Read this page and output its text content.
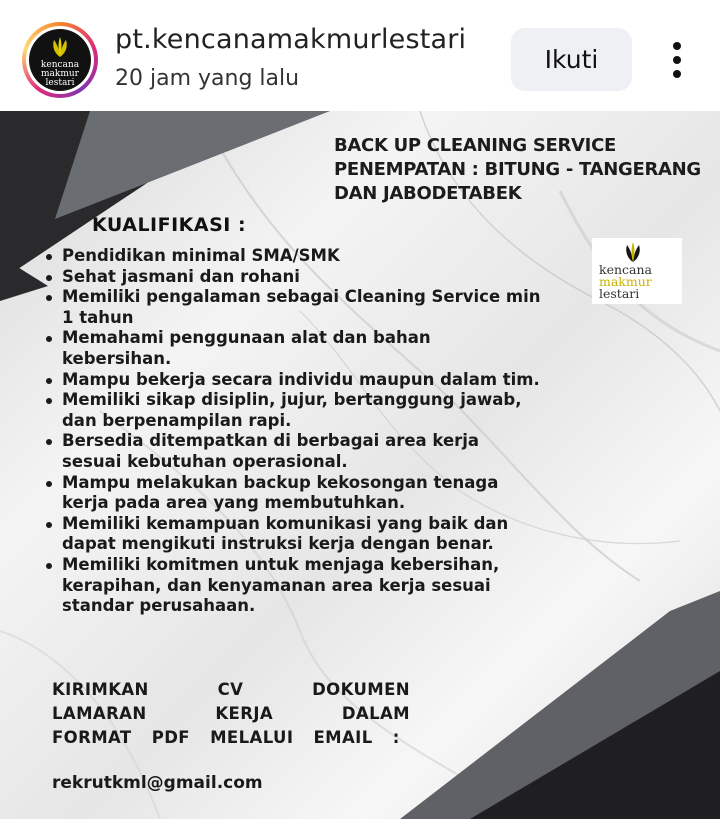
kencana
makmur
lestari
pt.kencanamakmurlestari
20 jam yang lalu
Ikuti
BACK UP CLEANING SERVICE
PENEMPATAN : BITUNG - TANGERANG
DAN JABODETABEK
kencana
makmur
lestari
KUALIFIKASI :
Pendidikan minimal SMA/SMK
Sehat jasmani dan rohani
Memiliki pengalaman sebagai Cleaning Service min 1 tahun
Memahami penggunaan alat dan bahan kebersihan.
Mampu bekerja secara individu maupun dalam tim.
Memiliki sikap disiplin, jujur, bertanggung jawab, dan berpenampilan rapi.
Bersedia ditempatkan di berbagai area kerja sesuai kebutuhan operasional.
Mampu melakukan backup kekosongan tenaga kerja pada area yang membutuhkan.
Memiliki kemampuan komunikasi yang baik dan dapat mengikuti instruksi kerja dengan benar.
Memiliki komitmen untuk menjaga kebersihan, kerapihan, dan kenyamanan area kerja sesuai standar perusahaan.
KIRIMKAN CV DOKUMEN LAMARAN KERJA DALAM FORMAT PDF MELALUI EMAIL :
rekrutkml@gmail.com
